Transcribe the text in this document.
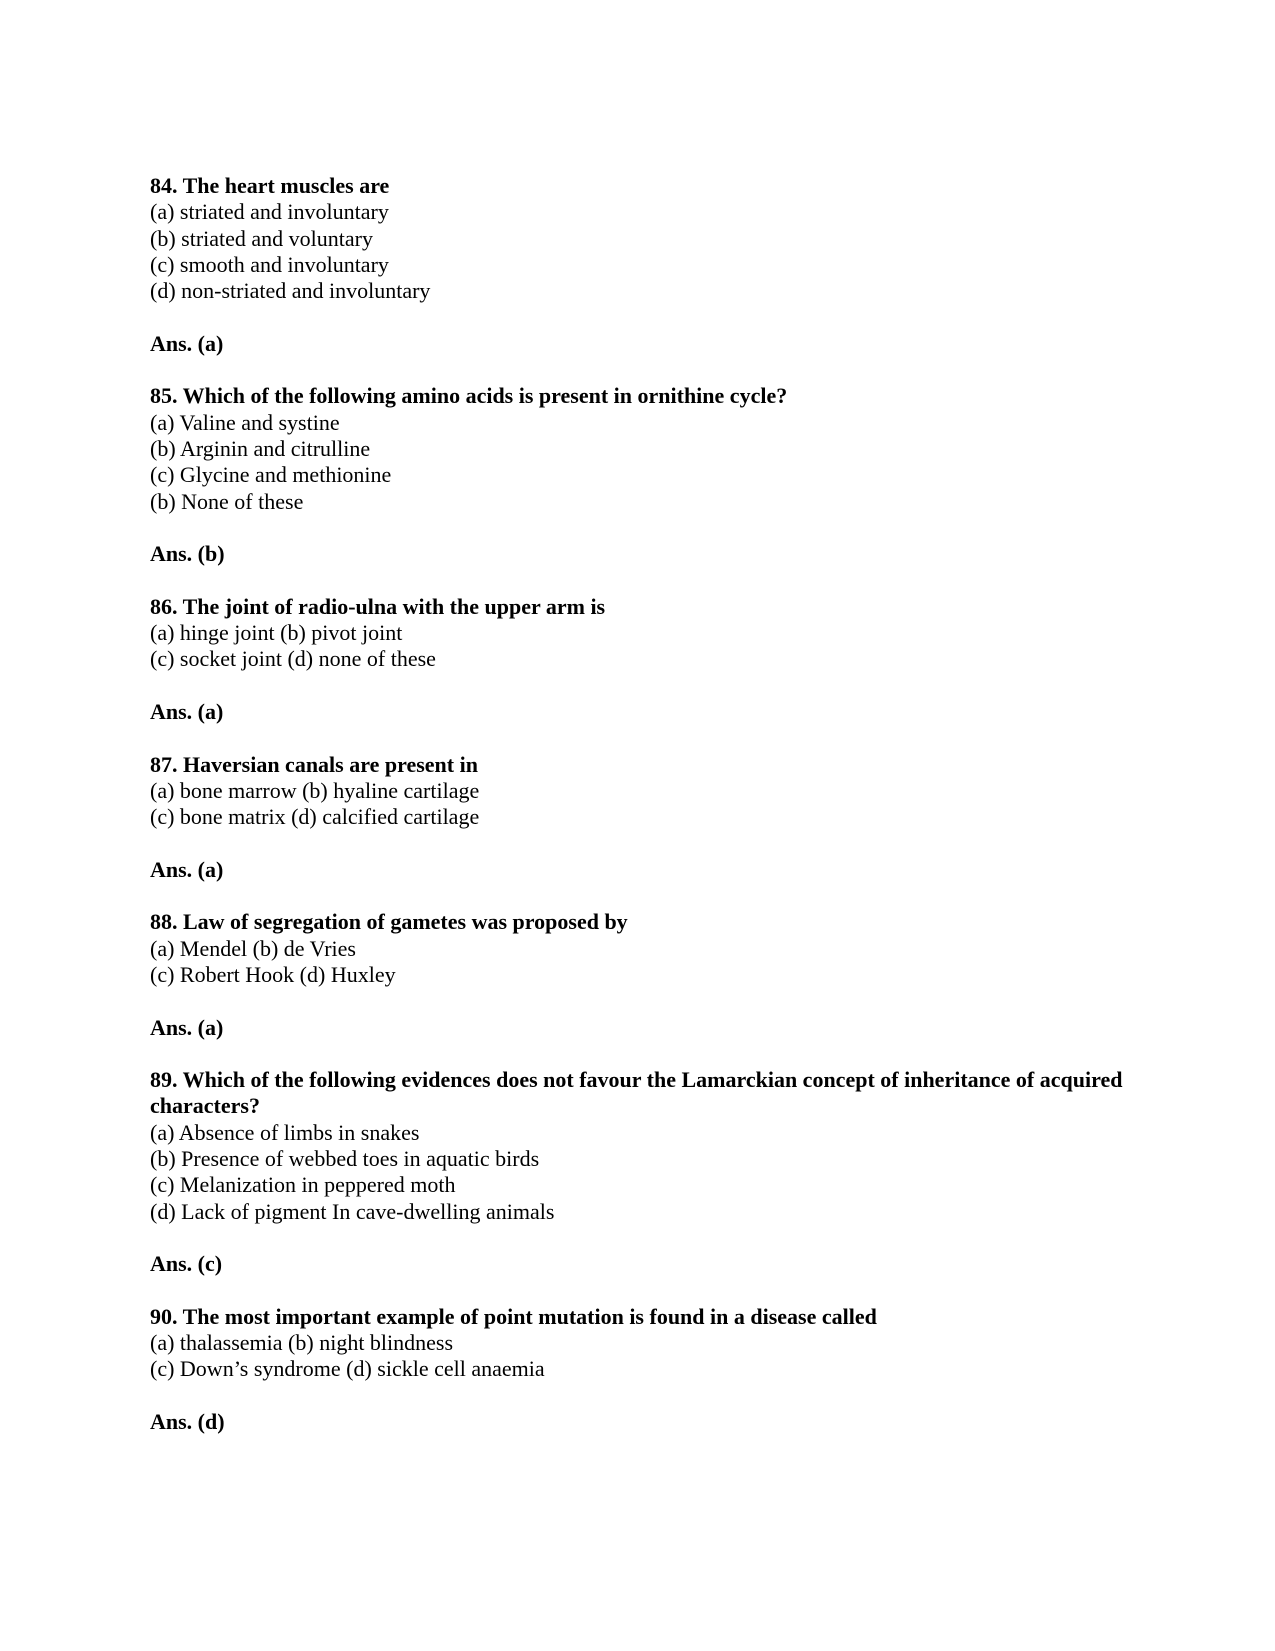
84. The heart muscles are

(a) striated and involuntary

(b) striated and voluntary

(c) smooth and involuntary

(d) non-striated and involuntary

Ans. (a)

85. Which of the following amino acids is present in ornithine cycle?

(a) Valine and systine

(b) Arginin and citrulline

(c) Glycine and methionine

(b) None of these

Ans. (b)

86. The joint of radio-ulna with the upper arm is

(a) hinge joint (b) pivot joint

(c) socket joint (d) none of these

Ans. (a)

87. Haversian canals are present in

(a) bone marrow (b) hyaline cartilage

(c) bone matrix (d) calcified cartilage

Ans. (a)

88. Law of segregation of gametes was proposed by

(a) Mendel (b) de Vries

(c) Robert Hook (d) Huxley

Ans. (a)

89. Which of the following evidences does not favour the Lamarckian concept of inheritance of acquired characters?

(a) Absence of limbs in snakes

(b) Presence of webbed toes in aquatic birds

(c) Melanization in peppered moth

(d) Lack of pigment In cave-dwelling animals

Ans. (c)

90. The most important example of point mutation is found in a disease called

(a) thalassemia (b) night blindness

(c) Down’s syndrome (d) sickle cell anaemia

Ans. (d)
